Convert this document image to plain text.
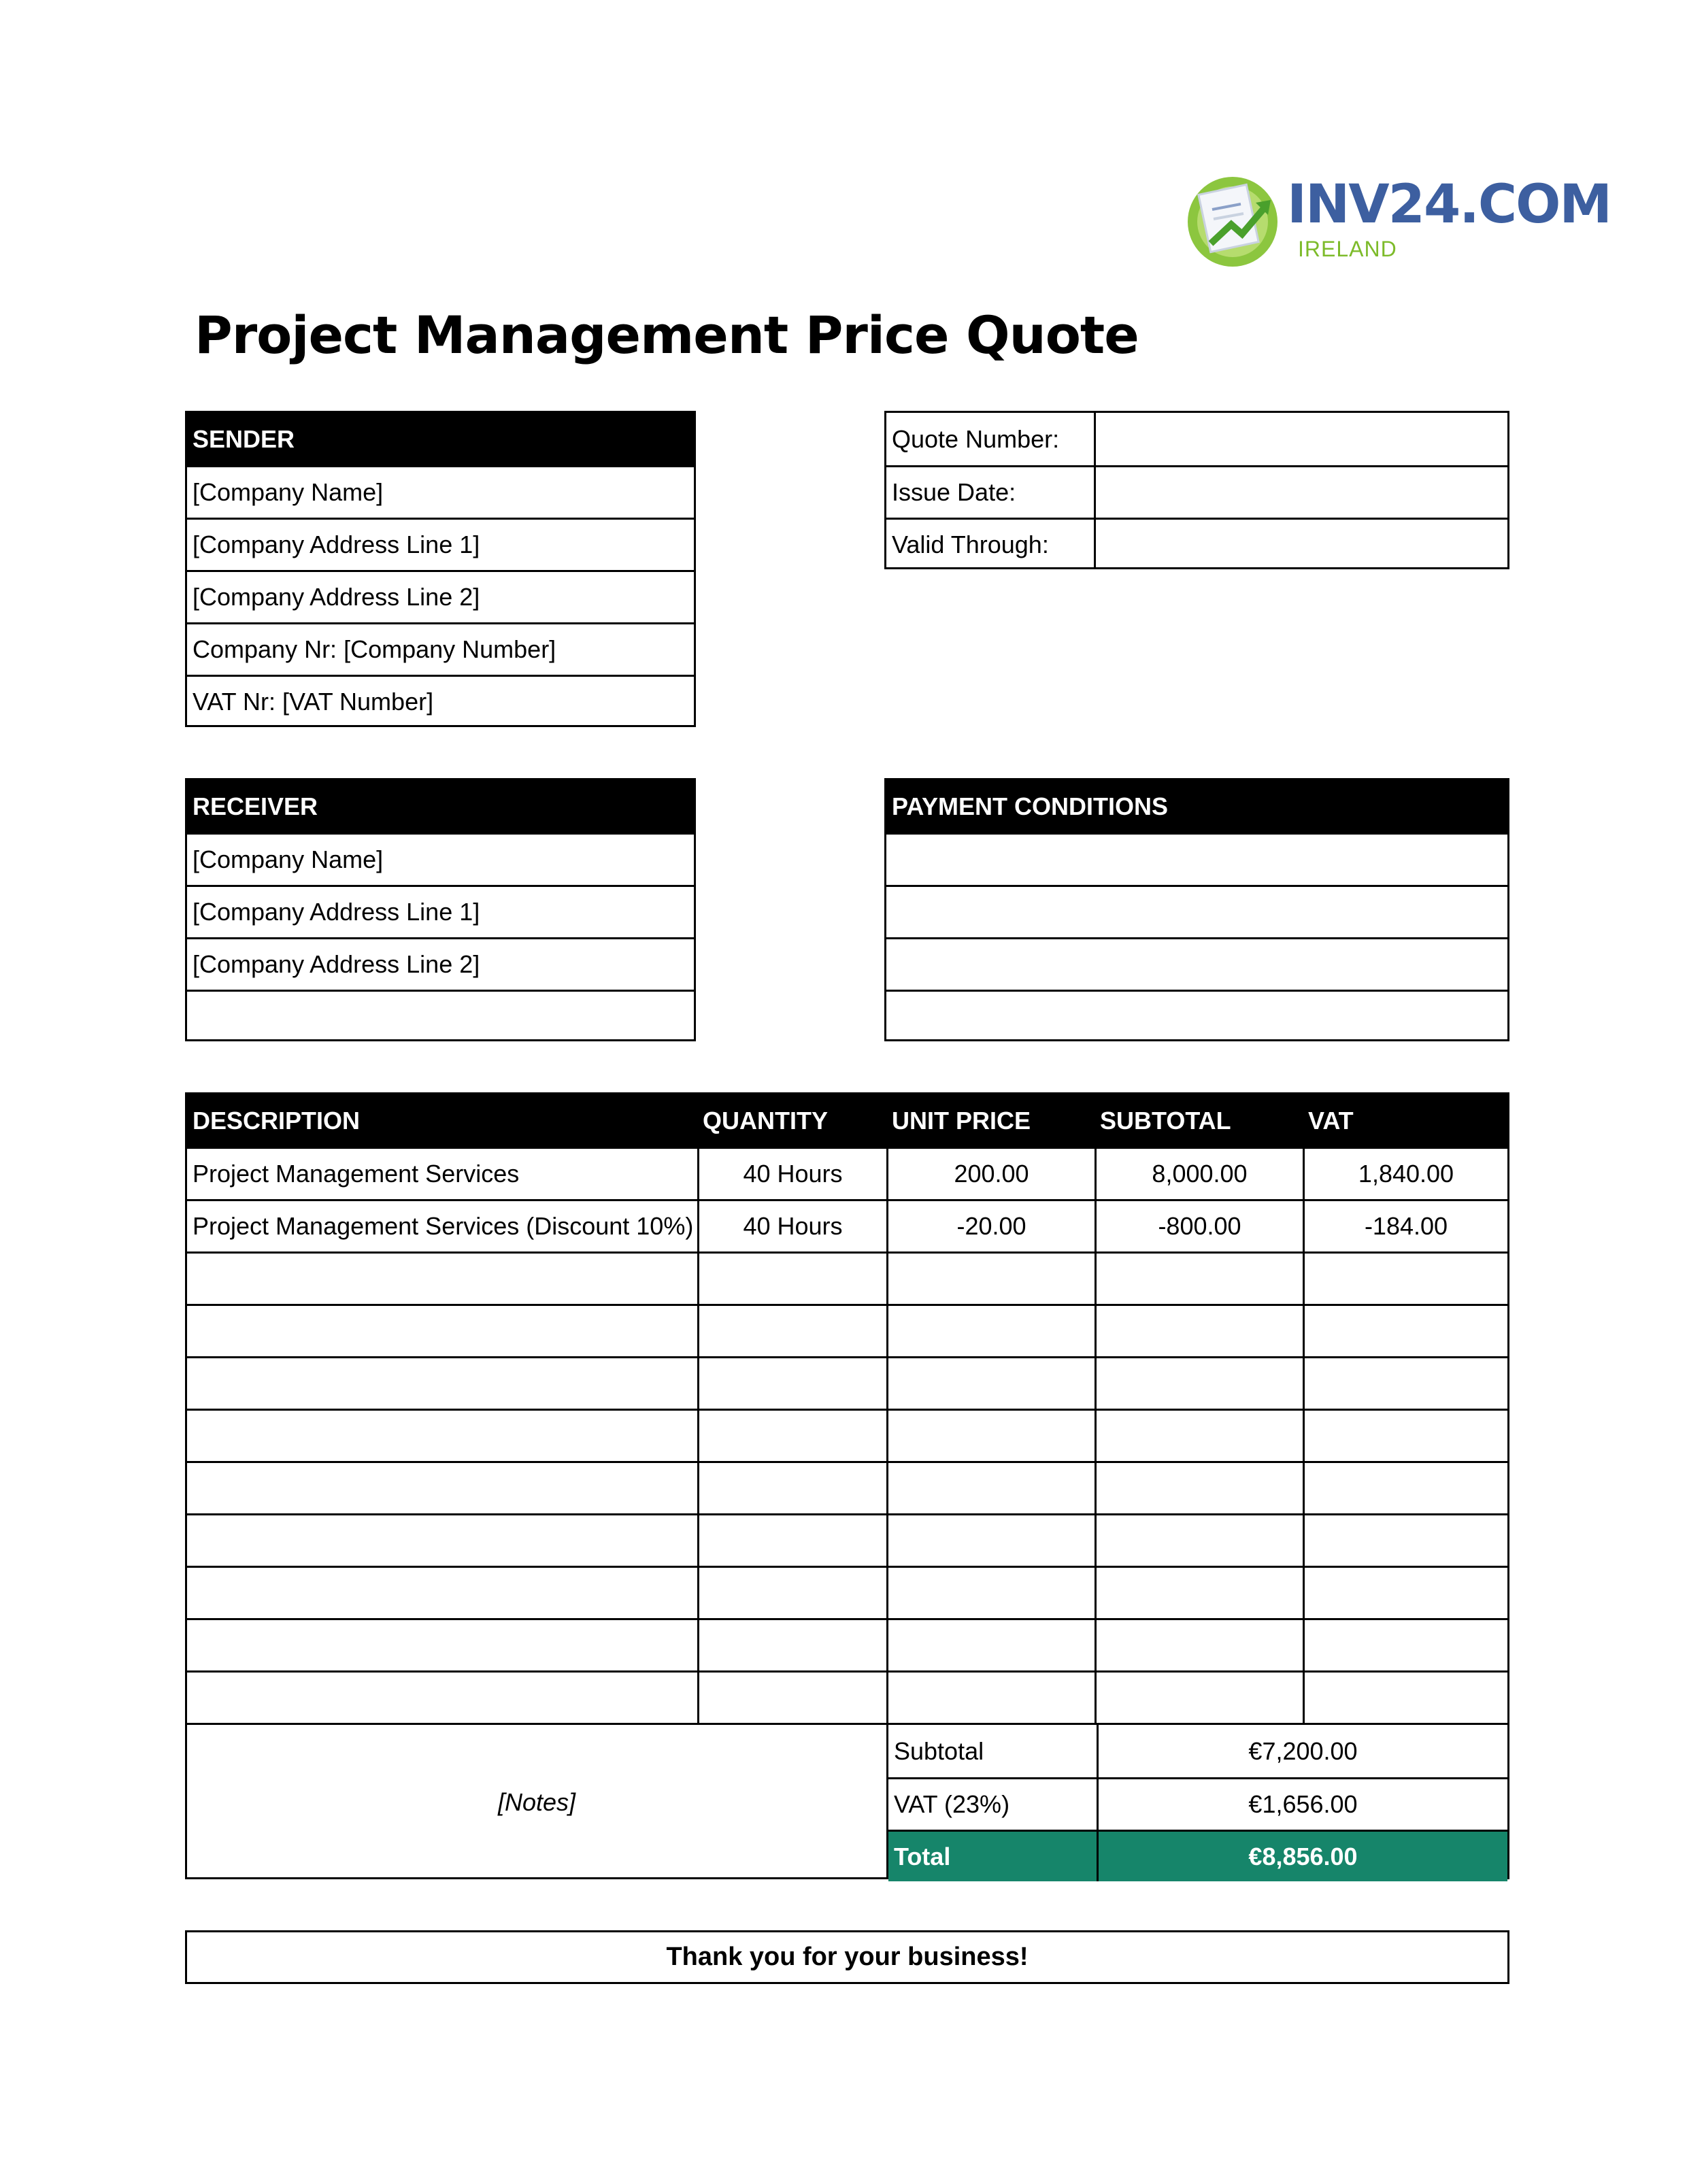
INV24.COM
IRELAND
Project Management Price Quote
SENDER
[Company Name]
[Company Address Line 1]
[Company Address Line 2]
Company Nr: [Company Number]
VAT Nr: [VAT Number]
Quote Number:
Issue Date:
Valid Through:
RECEIVER
[Company Name]
[Company Address Line 1]
[Company Address Line 2]
PAYMENT CONDITIONS
DESCRIPTION	QUANTITY	UNIT PRICE	SUBTOTAL	VAT
Project Management Services	40 Hours	200.00	8,000.00	1,840.00
Project Management Services (Discount 10%)	40 Hours	-20.00	-800.00	-184.00
[Notes]
Subtotal	€7,200.00
VAT (23%)	€1,656.00
Total	€8,856.00
Thank you for your business!
